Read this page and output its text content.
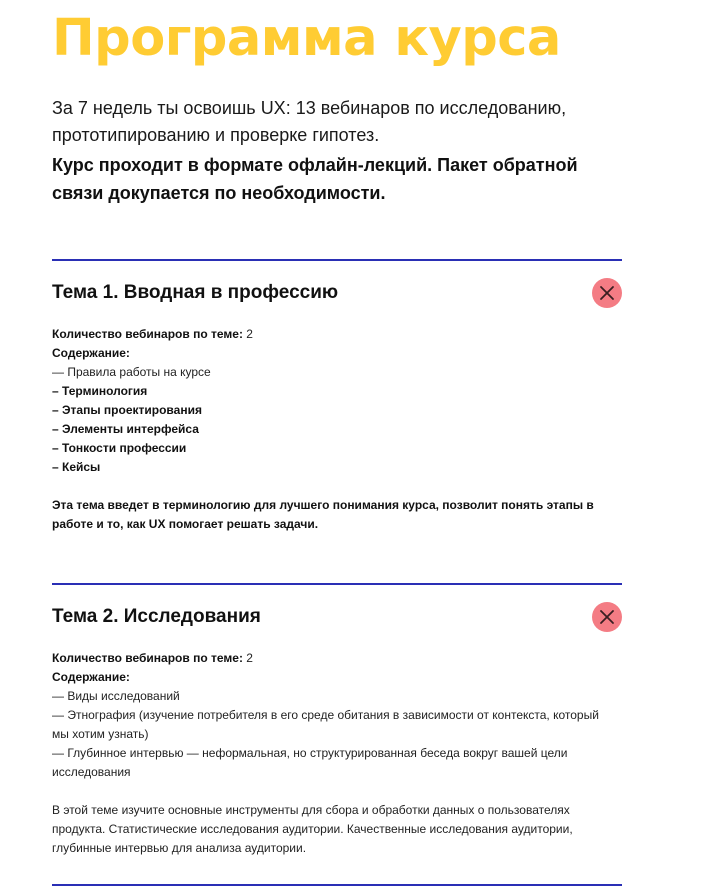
Программа курса
За 7 недель ты освоишь UX: 13 вебинаров по исследованию, прототипированию и проверке гипотез.
Курс проходит в формате офлайн-лекций. Пакет обратной связи докупается по необходимости.
Тема 1. Вводная в профессию
Количество вебинаров по теме: 2
Содержание:
— Правила работы на курсе
– Терминология
– Этапы проектирования
– Элементы интерфейса
– Тонкости профессии
– Кейсы
Эта тема введет в терминологию для лучшего понимания курса, позволит понять этапы в работе и то, как UX помогает решать задачи.
Тема 2. Исследования
Количество вебинаров по теме: 2
Содержание:
— Виды исследований
— Этнография (изучение потребителя в его среде обитания в зависимости от контекста, который мы хотим узнать)
— Глубинное интервью — неформальная, но структурированная беседа вокруг вашей цели исследования
В этой теме изучите основные инструменты для сбора и обработки данных о пользователях продукта. Статистические исследования аудитории. Качественные исследования аудитории, глубинные интервью для анализа аудитории.
